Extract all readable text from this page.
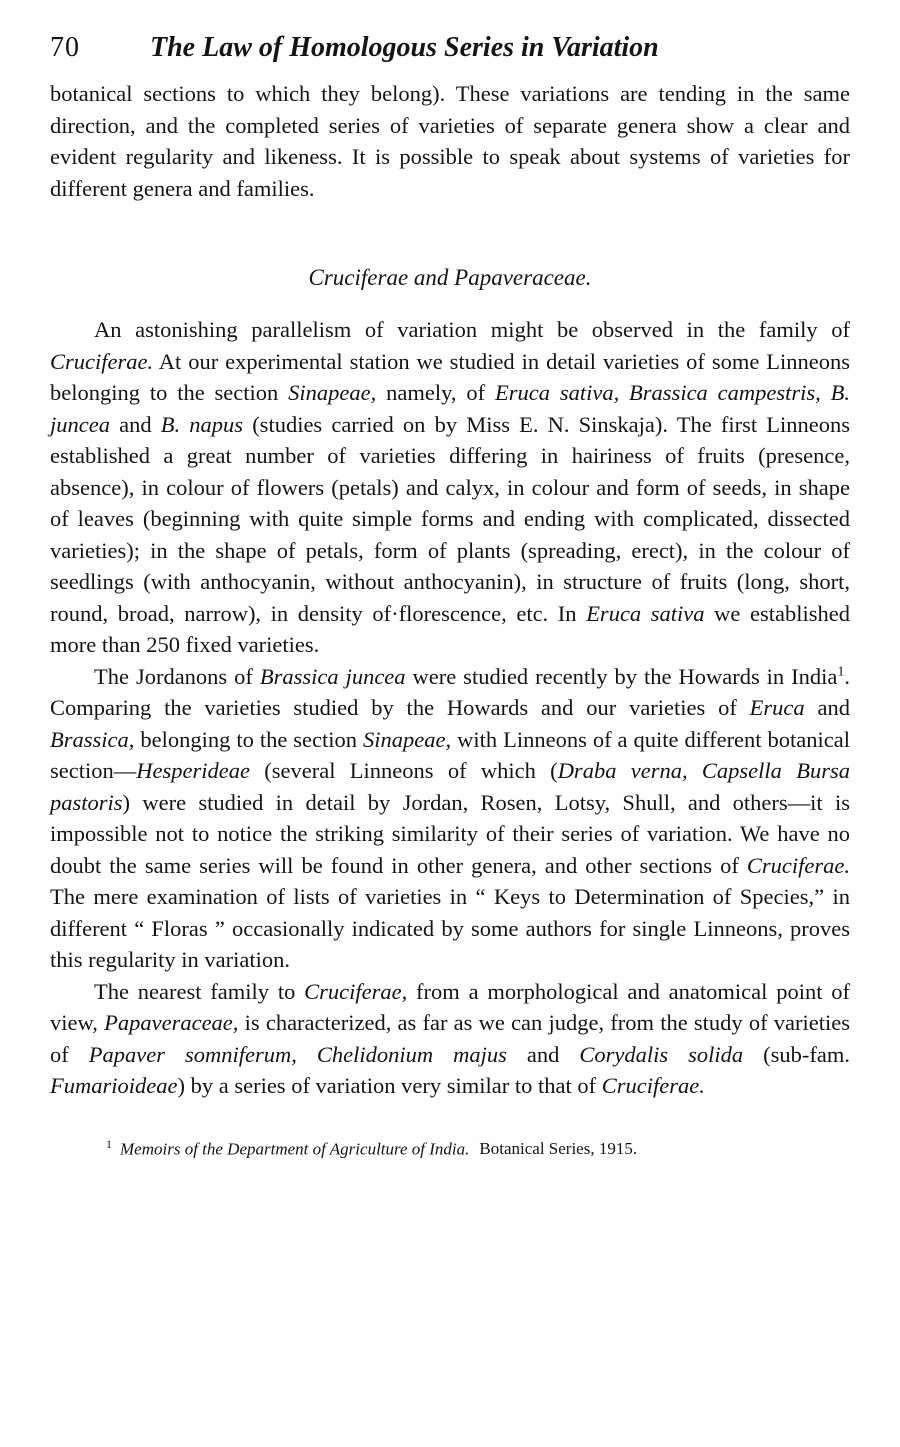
70	The Law of Homologous Series in Variation

botanical sections to which they belong). These variations are tending in the same direction, and the completed series of varieties of separate genera show a clear and evident regularity and likeness. It is possible to speak about systems of varieties for different genera and families.

Cruciferae and Papaveraceae.

An astonishing parallelism of variation might be observed in the family of Cruciferae. At our experimental station we studied in detail varieties of some Linneons belonging to the section Sinapeae, namely, of Eruca sativa, Brassica campestris, B. juncea and B. napus (studies carried on by Miss E. N. Sinskaja). The first Linneons established a great number of varieties differing in hairiness of fruits (presence, absence), in colour of flowers (petals) and calyx, in colour and form of seeds, in shape of leaves (beginning with quite simple forms and ending with complicated, dissected varieties); in the shape of petals, form of plants (spreading, erect), in the colour of seedlings (with anthocyanin, without anthocyanin), in structure of fruits (long, short, round, broad, narrow), in density of·florescence, etc. In Eruca sativa we established more than 250 fixed varieties.

The Jordanons of Brassica juncea were studied recently by the Howards in India$^1$. Comparing the varieties studied by the Howards and our varieties of Eruca and Brassica, belonging to the section Sinapeae, with Linneons of a quite different botanical section—Hesperideae (several Linneons of which (Draba verna, Capsella Bursa pastoris) were studied in detail by Jordan, Rosen, Lotsy, Shull, and others—it is impossible not to notice the striking similarity of their series of variation. We have no doubt the same series will be found in other genera, and other sections of Cruciferae. The mere examination of lists of varieties in “ Keys to Determination of Species,” in different “ Floras ” occasionally indicated by some authors for single Linneons, proves this regularity in variation.

The nearest family to Cruciferae, from a morphological and anatomical point of view, Papaveraceae, is characterized, as far as we can judge, from the study of varieties of Papaver somniferum, Chelidonium majus and Corydalis solida (sub-fam. Fumarioideae) by a series of variation very similar to that of Cruciferae.

$^1$ Memoirs of the Department of Agriculture of India. Botanical Series, 1915.
